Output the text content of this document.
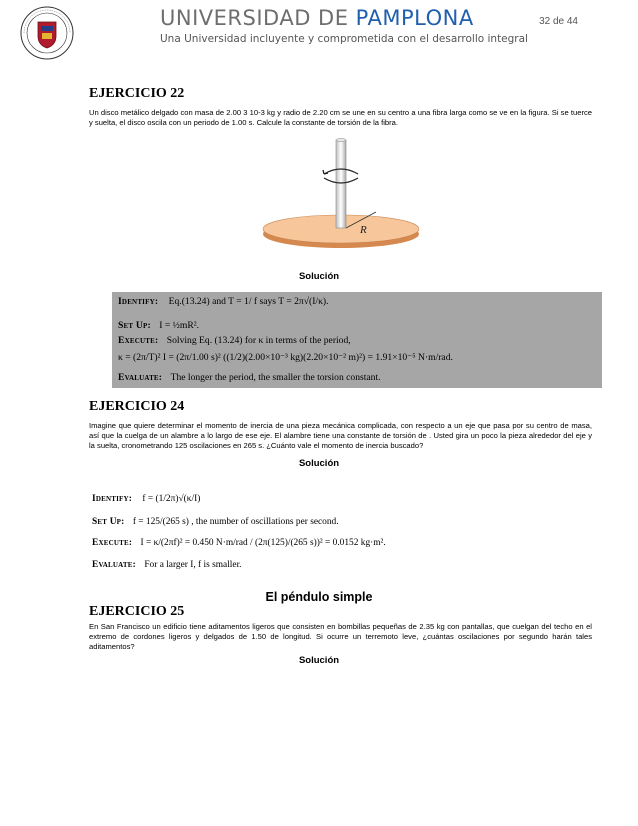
UNIVERSIDAD DE PAMPLONA	32 de 44
Una Universidad incluyente y comprometida con el desarrollo integral
EJERCICIO 22
Un disco metálico delgado con masa de 2.00 3 10-3 kg y radio de 2.20 cm se une en su centro a una fibra larga como se ve en la figura. Si se tuerce y suelta, el disco oscila con un periodo de 1.00 s. Calcule la constante de torsión de la fibra.
R
Solución
Identify: Eq.(13.24) and T = 1/ f says T = 2π√(I/κ).
Set Up: I = ½mR².
Execute: Solving Eq. (13.24) for κ in terms of the period,
κ = (2π/T)² I = (2π/1.00 s)² ((1/2)(2.00×10⁻³ kg)(2.20×10⁻² m)²) = 1.91×10⁻⁵ N·m/rad.
Evaluate: The longer the period, the smaller the torsion constant.
EJERCICIO 24
Imagine que quiere determinar el momento de inercia de una pieza mecánica complicada, con respecto a un eje que pasa por su centro de masa, así que la cuelga de un alambre a lo largo de ese eje. El alambre tiene una constante de torsión de . Usted gira un poco la pieza alrededor del eje y la suelta, cronometrando 125 oscilaciones en 265 s. ¿Cuánto vale el momento de inercia buscado?
Solución
Identify: f = (1/2π)√(κ/I)
Set Up: f = 125/(265 s) , the number of oscillations per second.
Execute: I = κ/(2πf)² = 0.450 N·m/rad / (2π(125)/(265 s))² = 0.0152 kg·m².
Evaluate: For a larger I, f is smaller.
El péndulo simple
EJERCICIO 25
En San Francisco un edificio tiene aditamentos ligeros que consisten en bombillas pequeñas de 2.35 kg con pantallas, que cuelgan del techo en el extremo de cordones ligeros y delgados de 1.50 de longitud. Si ocurre un terremoto leve, ¿cuántas oscilaciones por segundo harán tales aditamentos?
Solución
